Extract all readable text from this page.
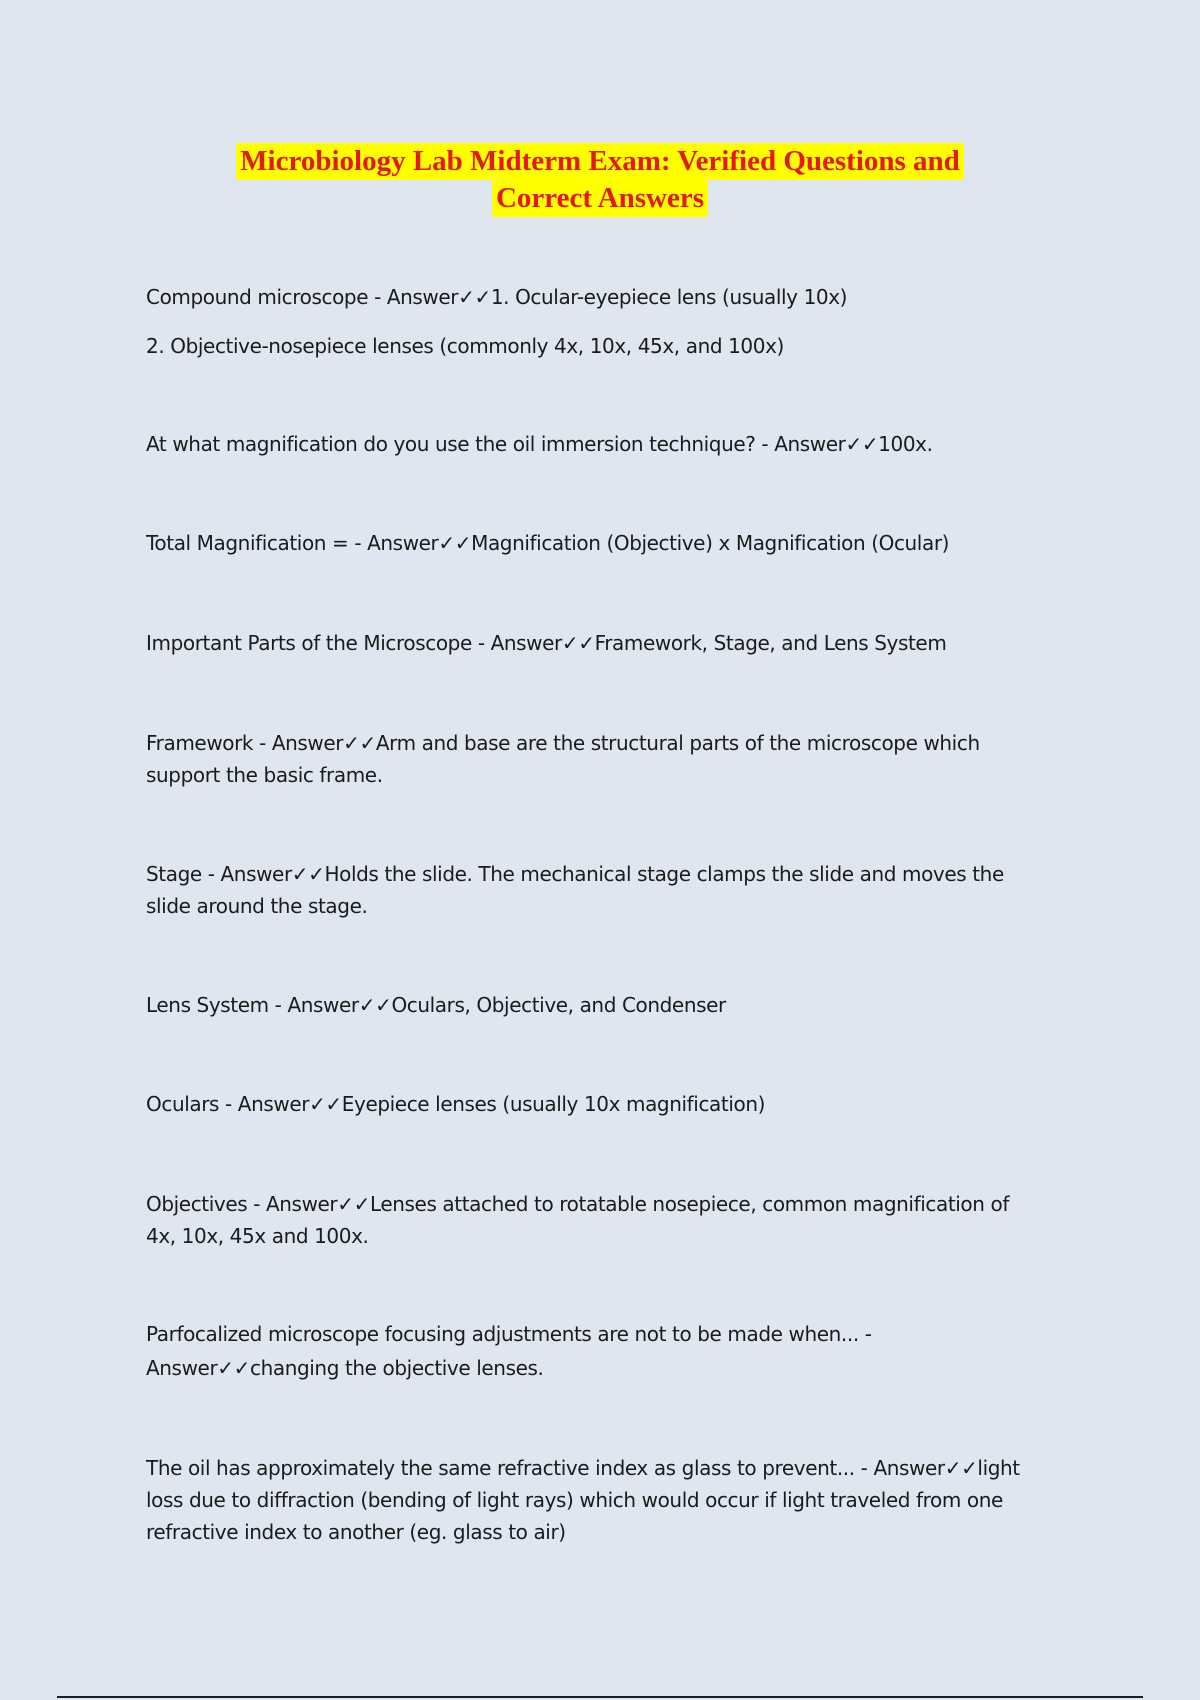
Microbiology Lab Midterm Exam: Verified Questions and
Correct Answers

Compound microscope - Answer✓✓1. Ocular-eyepiece lens (usually 10x)

2. Objective-nosepiece lenses (commonly 4x, 10x, 45x, and 100x)

At what magnification do you use the oil immersion technique? - Answer✓✓100x.

Total Magnification = - Answer✓✓Magnification (Objective) x Magnification (Ocular)

Important Parts of the Microscope - Answer✓✓Framework, Stage, and Lens System

Framework - Answer✓✓Arm and base are the structural parts of the microscope which

support the basic frame.

Stage - Answer✓✓Holds the slide. The mechanical stage clamps the slide and moves the

slide around the stage.

Lens System - Answer✓✓Oculars, Objective, and Condenser

Oculars - Answer✓✓Eyepiece lenses (usually 10x magnification)

Objectives - Answer✓✓Lenses attached to rotatable nosepiece, common magnification of

4x, 10x, 45x and 100x.

Parfocalized microscope focusing adjustments are not to be made when... -

Answer✓✓changing the objective lenses.

The oil has approximately the same refractive index as glass to prevent... - Answer✓✓light

loss due to diffraction (bending of light rays) which would occur if light traveled from one

refractive index to another (eg. glass to air)
